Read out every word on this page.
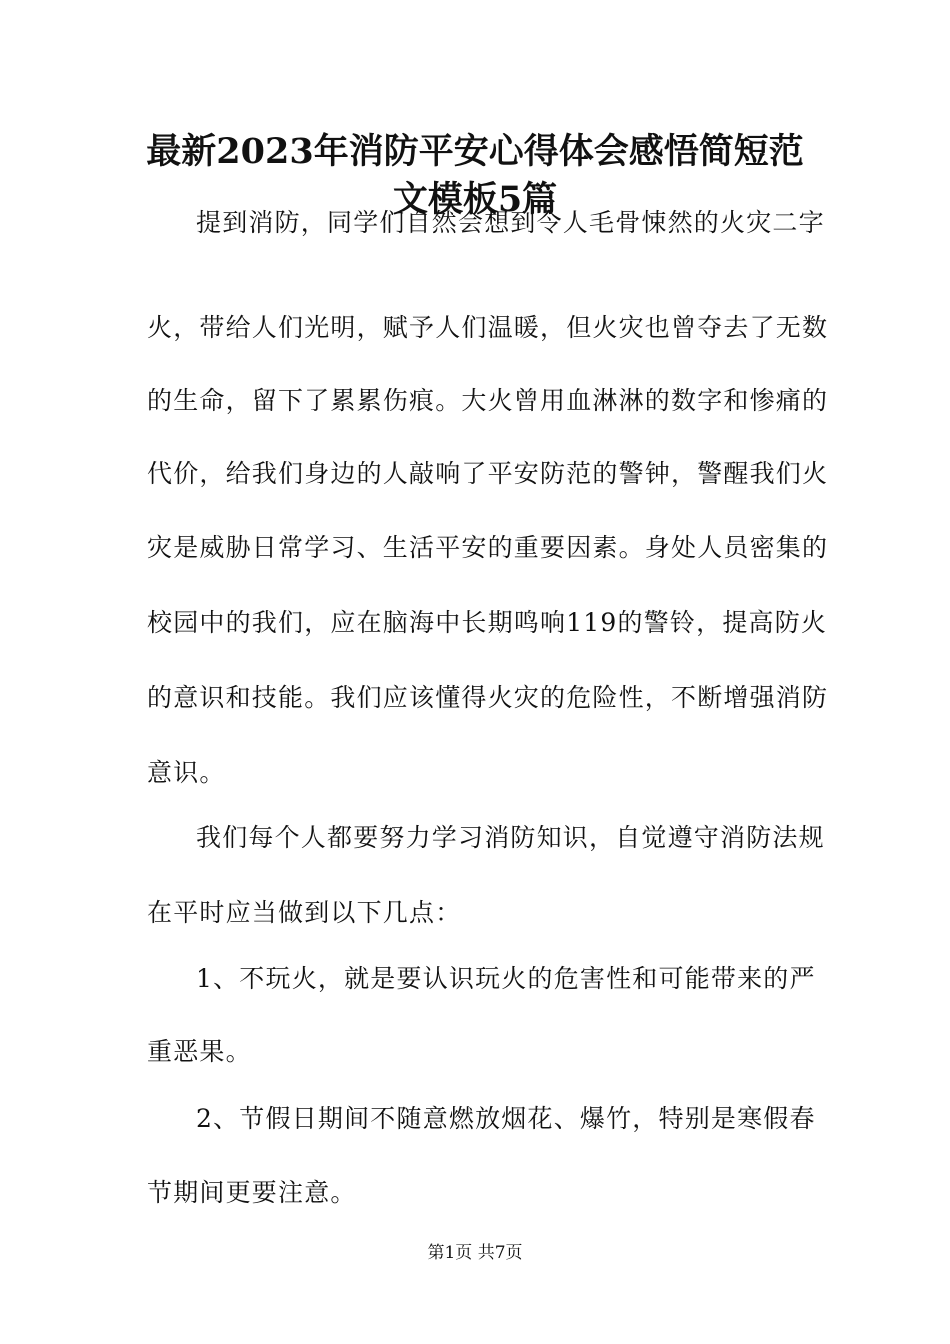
最新2023年消防平安心得体会感悟简短范
文模板5篇

提到消防，同学们自然会想到令人毛骨悚然的火灾二字

火，带给人们光明，赋予人们温暖，但火灾也曾夺去了无数

的生命，留下了累累伤痕。大火曾用血淋淋的数字和惨痛的

代价，给我们身边的人敲响了平安防范的警钟，警醒我们火

灾是威胁日常学习、生活平安的重要因素。身处人员密集的

校园中的我们，应在脑海中长期鸣响119的警铃，提高防火

的意识和技能。我们应该懂得火灾的危险性，不断增强消防

意识。

我们每个人都要努力学习消防知识，自觉遵守消防法规

在平时应当做到以下几点：

1、不玩火，就是要认识玩火的危害性和可能带来的严

重恶果。

2、节假日期间不随意燃放烟花、爆竹，特别是寒假春

节期间更要注意。

第1页 共7页
